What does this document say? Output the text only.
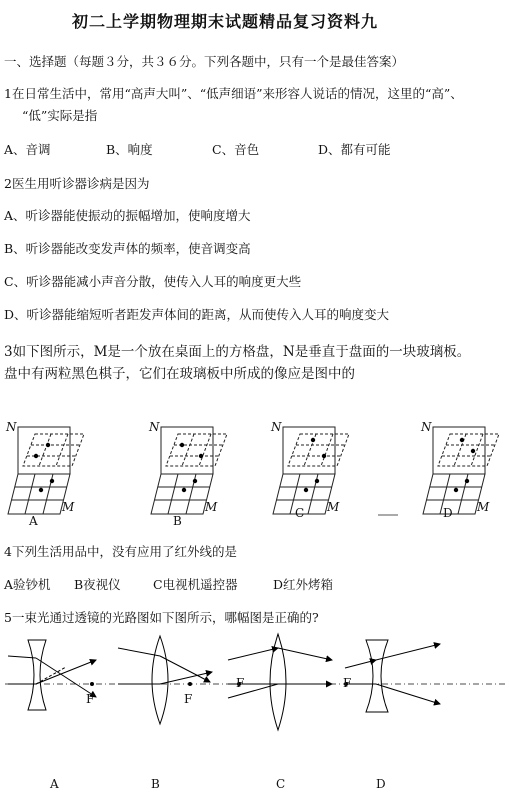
初二上学期物理期末试题精品复习资料九
一、选择题（每题３分，共３６分。下列各题中，只有一个是最佳答案）
1在日常生活中，常用“高声大叫”、“低声细语”来形容人说话的情况，这里的“高”、
“低”实际是指
A、音调	B、响度	C、音色	D、都有可能
2医生用听诊器诊病是因为
A、听诊器能使振动的振幅增加，使响度增大
B、听诊器能改变发声体的频率，使音调变高
C、听诊器能减小声音分散，使传入人耳的响度更大些
D、听诊器能缩短听者距发声体间的距离，从而使传入人耳的响度变大
3如下图所示，M是一个放在桌面上的方格盘，N是垂直于盘面的一块玻璃板。
盘中有两粒黑色棋子，它们在玻璃板中所成的像应是图中的
N
M
N
M
N
M
N
M
A	B
C	D
4下列生活用品中，没有应用了红外线的是
A验钞机 B夜视仪	C电视机遥控器	D红外烤箱
5一束光通过透镜的光路图如下图所示，哪幅图是正确的?
F	F
F	F
A	B	C	D
